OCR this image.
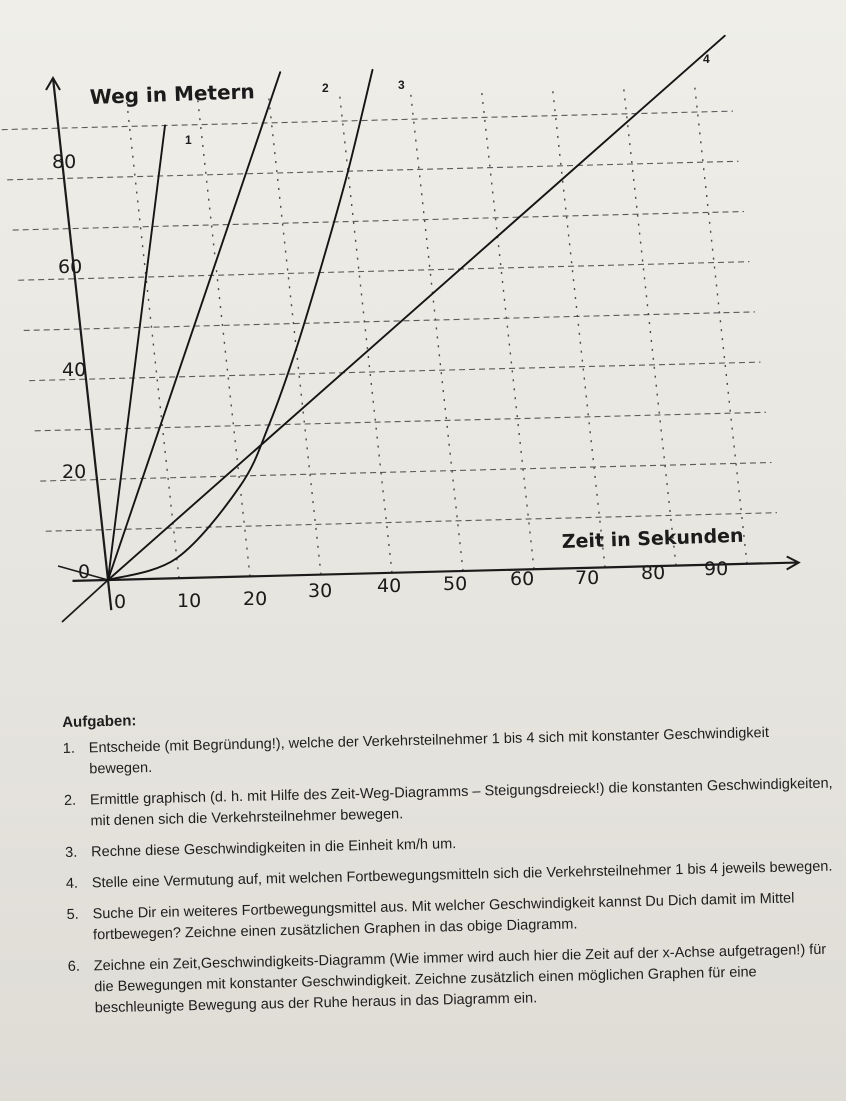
1
2	3
4
0
20
40
60
80
0	10 20 30 40 50 60 70 80 90
Weg in Metern
Zeit in Sekunden
Aufgaben:
1. Entscheide (mit Begründung!), welche der Verkehrsteilnehmer 1 bis 4 sich mit konstanter Geschwindigkeit bewegen.
2. Ermittle graphisch (d. h. mit Hilfe des Zeit-Weg-Diagramms – Steigungsdreieck!) die konstanten Geschwindigkeiten, mit denen sich die Verkehrsteilnehmer bewegen.
3. Rechne diese Geschwindigkeiten in die Einheit km/h um.
4. Stelle eine Vermutung auf, mit welchen Fortbewegungsmitteln sich die Verkehrsteilnehmer 1 bis 4 jeweils bewegen.
5. Suche Dir ein weiteres Fortbewegungsmittel aus. Mit welcher Geschwindigkeit kannst Du Dich damit im Mittel fortbewegen? Zeichne einen zusätzlichen Graphen in das obige Diagramm.
6. Zeichne ein Zeit,Geschwindigkeits-Diagramm (Wie immer wird auch hier die Zeit auf der x-Achse aufgetragen!) für die Bewegungen mit konstanter Geschwindigkeit. Zeichne zusätzlich einen möglichen Graphen für eine beschleunigte Bewegung aus der Ruhe heraus in das Diagramm ein.
